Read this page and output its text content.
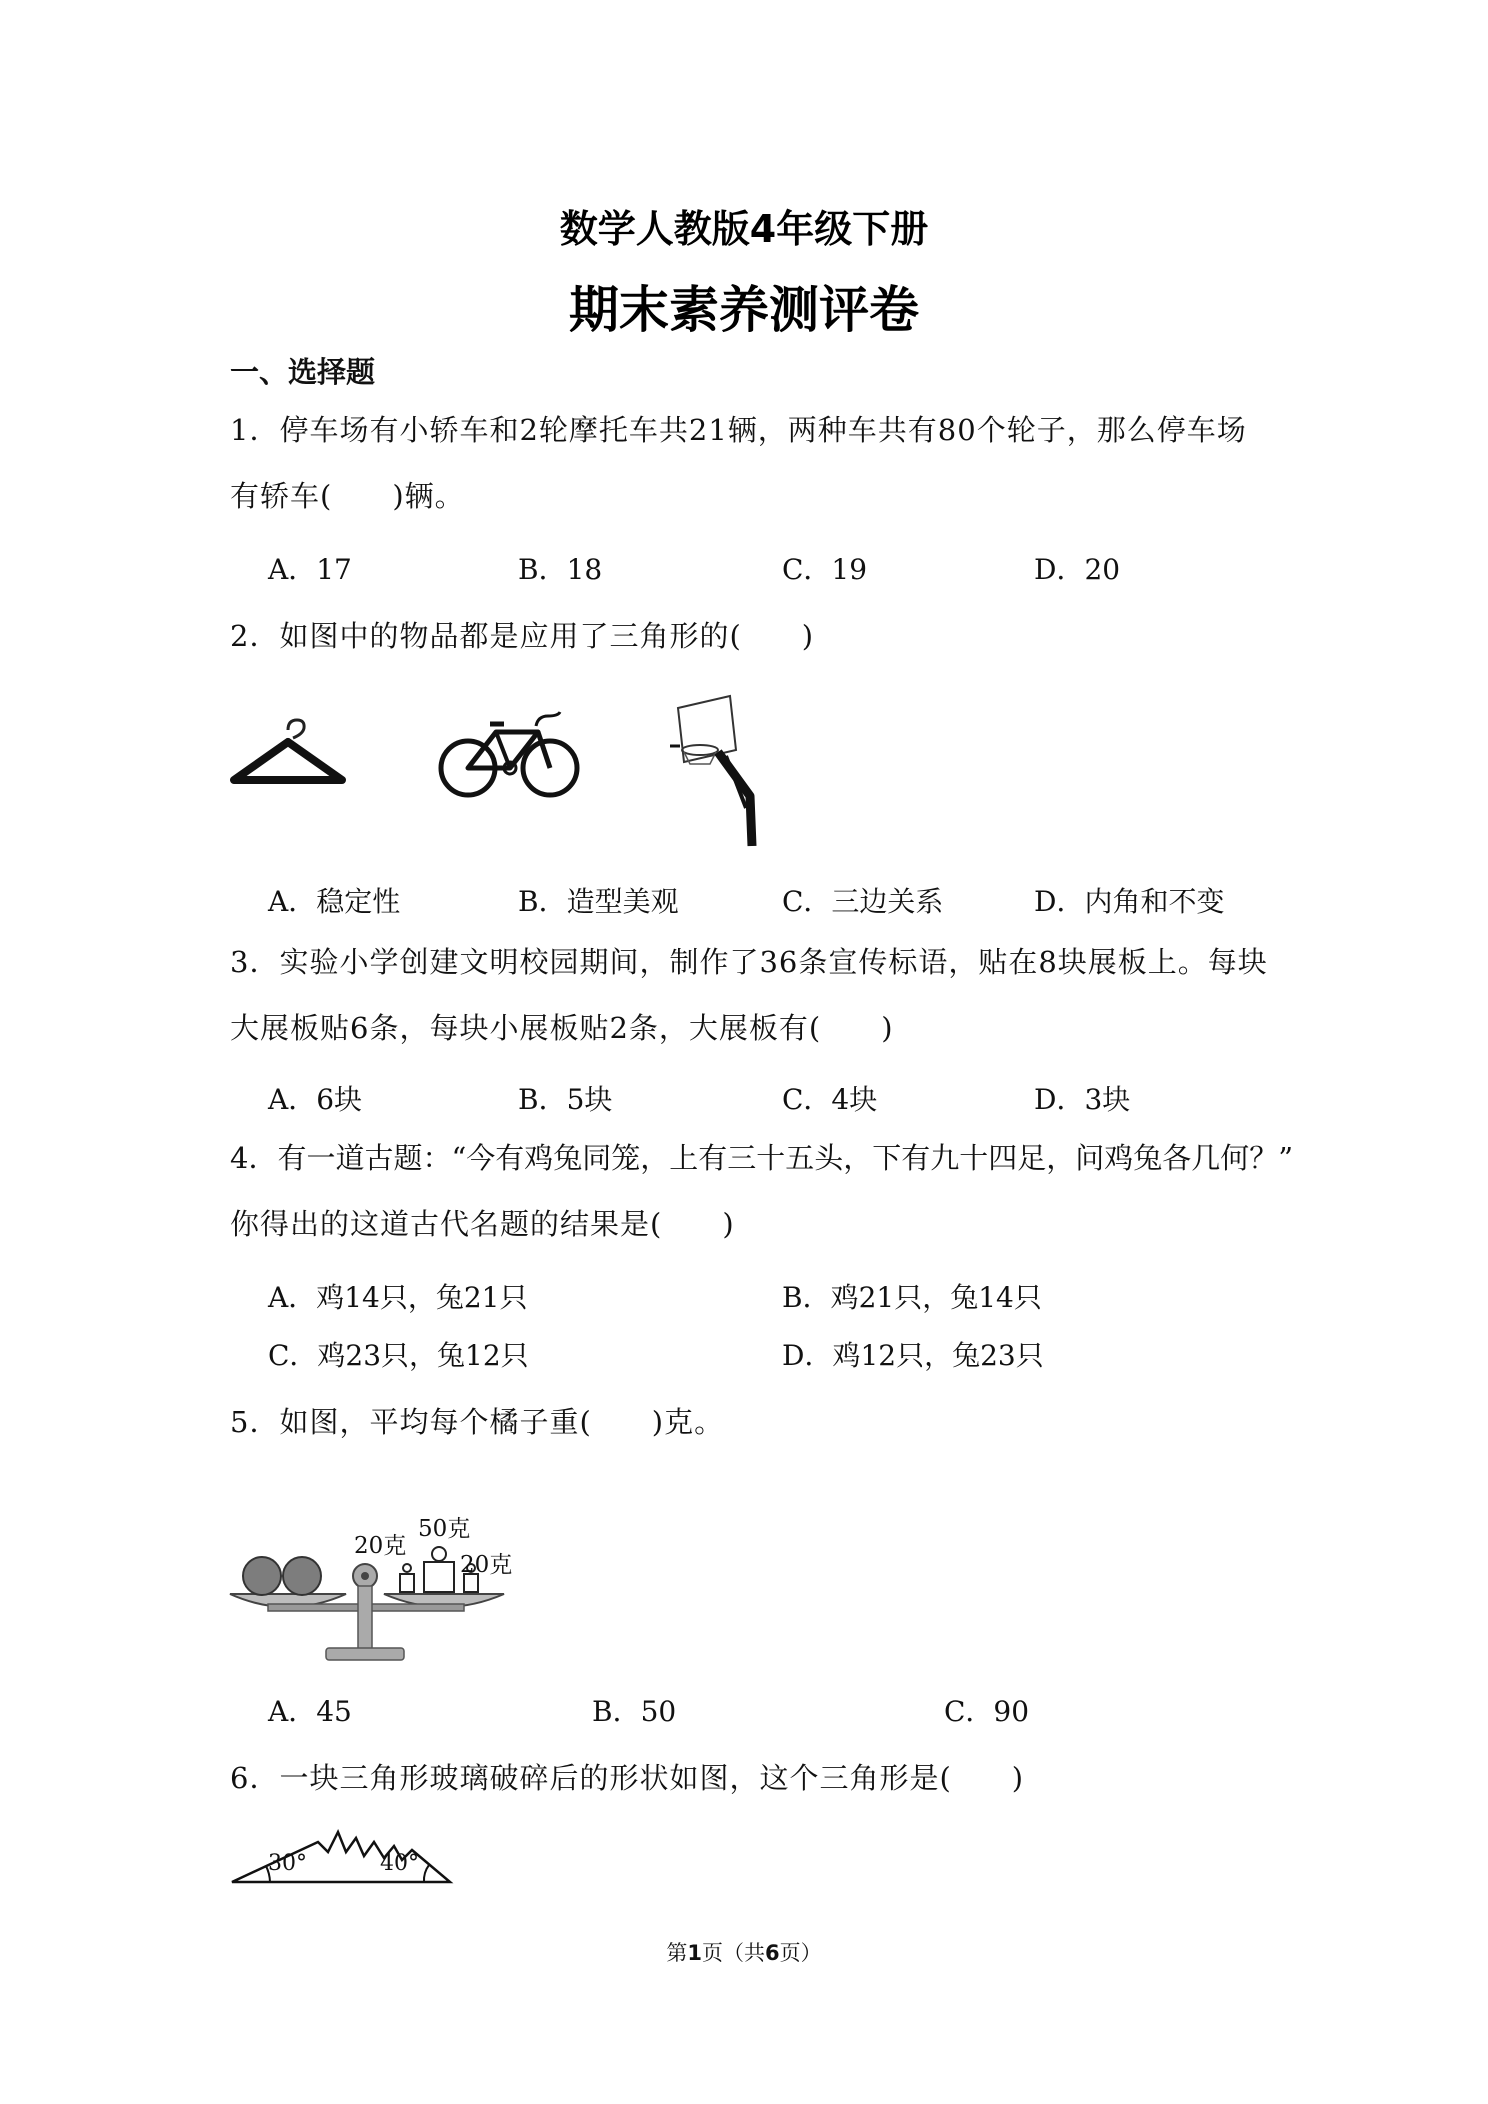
数学人教版4年级下册
期末素养测评卷
一、选择题
1．停车场有小轿车和2轮摩托车共21辆，两种车共有80个轮子，那么停车场
有轿车(　　)辆。
A．17	B．18	C．19	D．20
2．如图中的物品都是应用了三角形的(　　)
A．稳定性	B．造型美观	C．三边关系	D．内角和不变
3．实验小学创建文明校园期间，制作了36条宣传标语，贴在8块展板上。每块
大展板贴6条，每块小展板贴2条，大展板有(　　)
A．6块	B．5块	C．4块	D．3块
4．有一道古题：“今有鸡兔同笼，上有三十五头，下有九十四足，问鸡兔各几何？”
你得出的这道古代名题的结果是(　　)
A．鸡14只，兔21只	B．鸡21只，兔14只
C．鸡23只，兔12只	D．鸡12只，兔23只
5．如图，平均每个橘子重(　　)克。
20克
50克
20克
A．45	B．50	C．90
6．一块三角形玻璃破碎后的形状如图，这个三角形是(　　)
30°	40°
第1页（共6页）
